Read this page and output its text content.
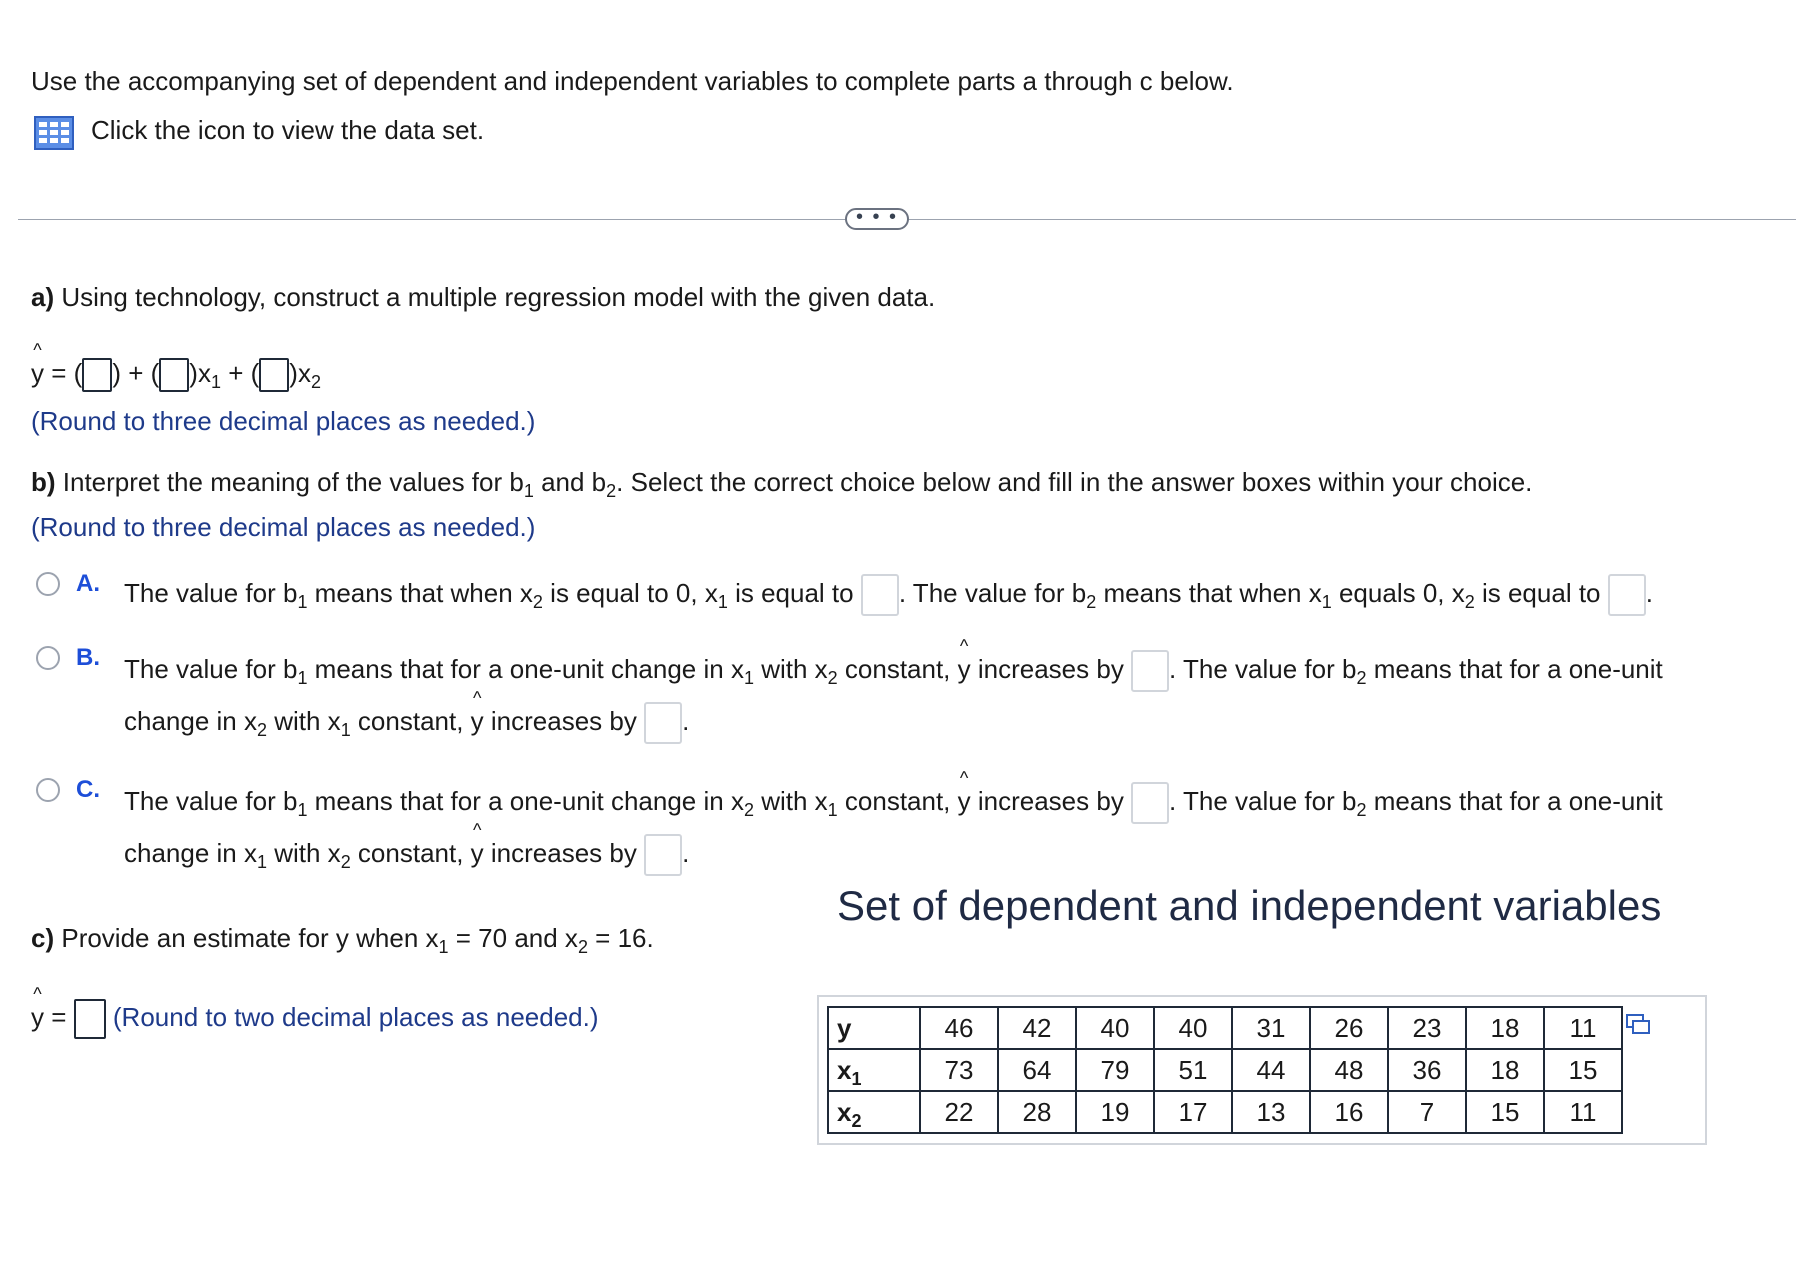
Use the accompanying set of dependent and independent variables to complete parts a through c below.
Click the icon to view the data set.
• • •
a) Using technology, construct a multiple regression model with the given data.
^ y = ( ) + ( )$x_1$ + ( )$x_2$
(Round to three decimal places as needed.)
b) Interpret the meaning of the values for $b_1$ and $b_2$. Select the correct choice below and fill in the answer boxes within your choice.
(Round to three decimal places as needed.)
A. The value for $b_1$ means that when $x_2$ is equal to 0, $x_1$ is equal to . The value for $b_2$ means that when $x_1$ equals 0, $x_2$ is equal to .
B. The value for $b_1$ means that for a one-unit change in $x_1$ with $x_2$ constant, ^ y increases by . The value for $b_2$ means that for a one-unit
change in $x_2$ with $x_1$ constant, ^ y increases by .
C. The value for $b_1$ means that for a one-unit change in $x_2$ with $x_1$ constant, ^ y increases by . The value for $b_2$ means that for a one-unit
change in $x_1$ with $x_2$ constant, ^ y increases by .
c) Provide an estimate for y when $x_1 = 70$ and $x_2 = 16$.
^ y = (Round to two decimal places as needed.)
Set of dependent and independent variables
y	46	42	40	40	31	26	23	18	11
$x_1$	73	64	79	51	44	48	36	18	15
$x_2$	22	28	19	17	13	16	7	15	11
